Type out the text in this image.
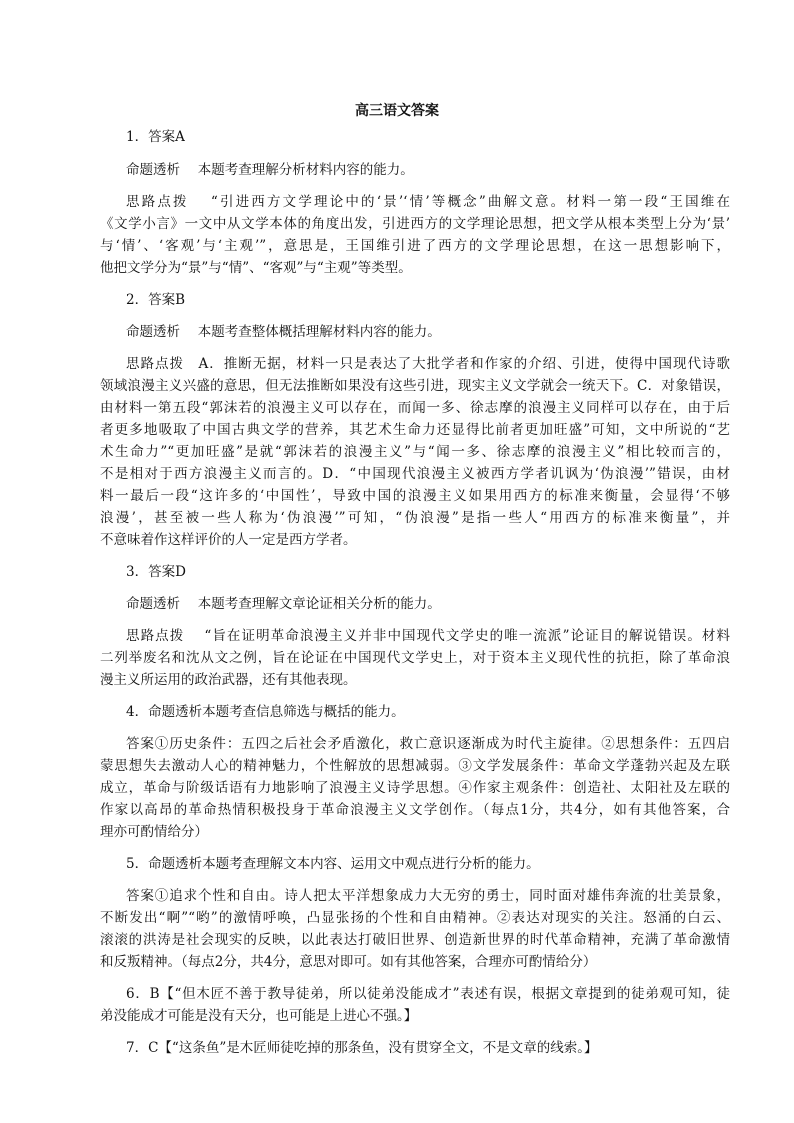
高三语文答案
1．答案A
命题透析　 本题考查理解分析材料内容的能力。
思路点拨　 “引进西方文学理论中的‘景’‘情’等概念”曲解文意。材料一第一段“王国维在
《文学小言》一文中从文学本体的角度出发，引进西方的文学理论思想，把文学从根本类型上分为‘景’
与‘情’、‘客观’与‘主观’”，意思是，王国维引进了西方的文学理论思想，在这一思想影响下，
他把文学分为“景”与“情”、“客观”与“主观”等类型。
2．答案B
命题透析　 本题考查整体概括理解材料内容的能力。
思路点拨　A．推断无据，材料一只是表达了大批学者和作家的介绍、引进，使得中国现代诗歌
领域浪漫主义兴盛的意思，但无法推断如果没有这些引进，现实主义文学就会一统天下。C．对象错误，
由材料一第五段“郭沫若的浪漫主义可以存在，而闻一多、徐志摩的浪漫主义同样可以存在，由于后
者更多地吸取了中国古典文学的营养，其艺术生命力还显得比前者更加旺盛”可知，文中所说的“艺
术生命力”“更加旺盛”是就“郭沫若的浪漫主义”与“闻一多、徐志摩的浪漫主义”相比较而言的，
不是相对于西方浪漫主义而言的。D．“中国现代浪漫主义被西方学者讥讽为‘伪浪漫’”错误，由材
料一最后一段“这许多的‘中国性’，导致中国的浪漫主义如果用西方的标准来衡量，会显得‘不够
浪漫’，甚至被一些人称为‘伪浪漫’”可知，“伪浪漫”是指一些人“用西方的标准来衡量”，并
不意味着作这样评价的人一定是西方学者。
3．答案D
命题透析　 本题考查理解文章论证相关分析的能力。
思路点拨　 “旨在证明革命浪漫主义并非中国现代文学史的唯一流派”论证目的解说错误。材料
二列举废名和沈从文之例，旨在论证在中国现代文学史上，对于资本主义现代性的抗拒，除了革命浪
漫主义所运用的政治武器，还有其他表现。
4．命题透析本题考查信息筛选与概括的能力。
答案①历史条件：五四之后社会矛盾激化，救亡意识逐渐成为时代主旋律。②思想条件：五四启
蒙思想失去激动人心的精神魅力，个性解放的思想减弱。③文学发展条件：革命文学蓬勃兴起及左联
成立，革命与阶级话语有力地影响了浪漫主义诗学思想。④作家主观条件：创造社、太阳社及左联的
作家以高昂的革命热情积极投身于革命浪漫主义文学创作。（每点1分，共4分，如有其他答案，合
理亦可酌情给分）
5．命题透析本题考查理解文本内容、运用文中观点进行分析的能力。
答案①追求个性和自由。诗人把太平洋想象成力大无穷的勇士，同时面对雄伟奔流的壮美景象，
不断发出“啊”“哟”的激情呼唤，凸显张扬的个性和自由精神。②表达对现实的关注。怒涌的白云、
滚滚的洪涛是社会现实的反映，以此表达打破旧世界、创造新世界的时代革命精神，充满了革命激情
和反叛精神。（每点2分，共4分，意思对即可。如有其他答案，合理亦可酌情给分）
6．B【“但木匠不善于教导徒弟，所以徒弟没能成才”表述有误，根据文章提到的徒弟观可知，徒
弟没能成才可能是没有天分，也可能是上进心不强。】
7．C【“这条鱼”是木匠师徒吃掉的那条鱼，没有贯穿全文，不是文章的线索。】
